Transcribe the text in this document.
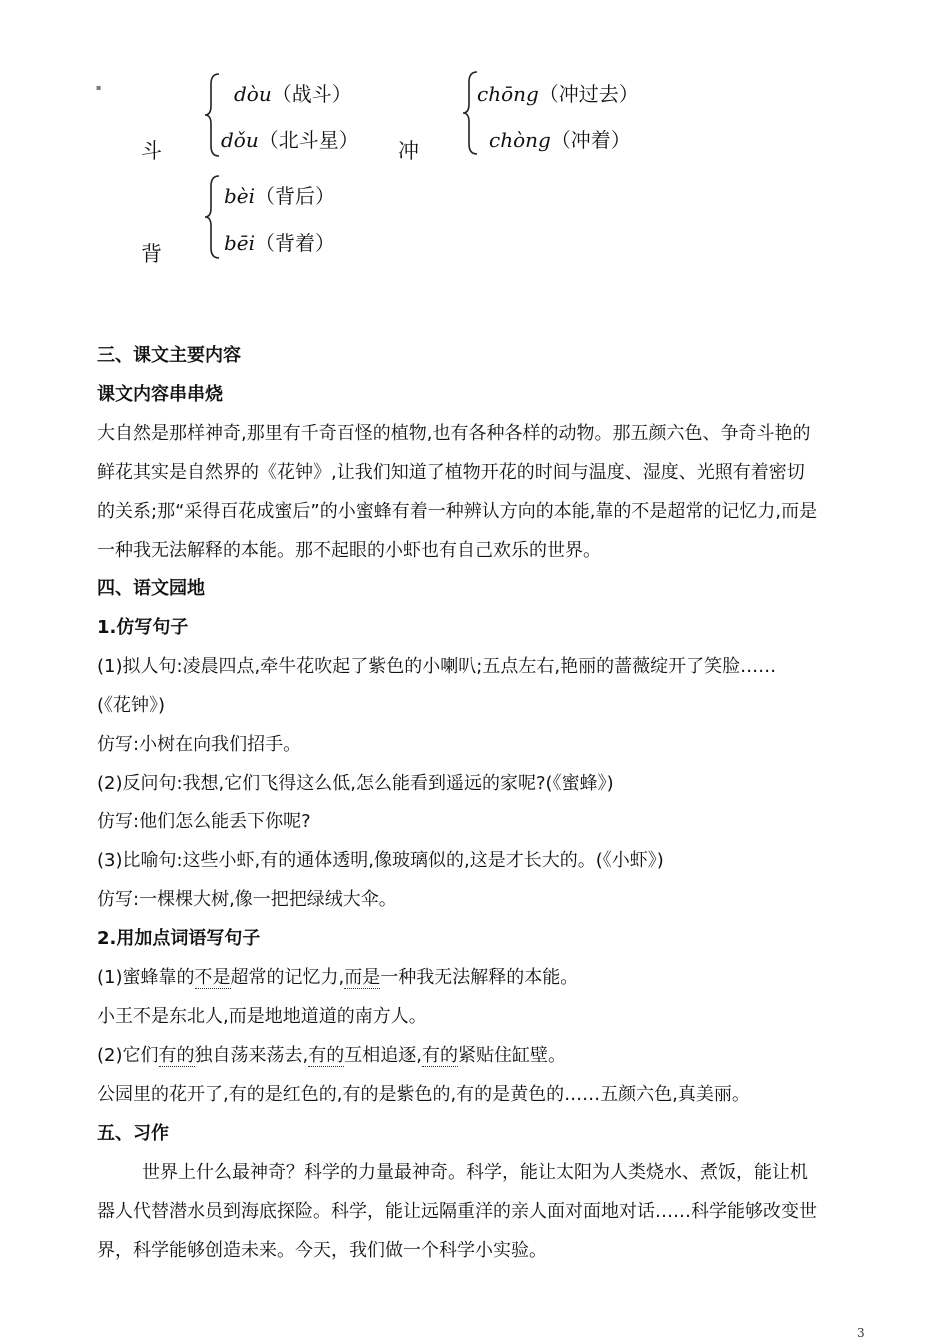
▪
斗
dòu（战斗）
dǒu（北斗星） 冲
chōng（冲过去）
chòng（冲着）
背
bèi（背后）
bēi（背着）
三、课文主要内容
课文内容串串烧
大自然是那样神奇,那里有千奇百怪的植物,也有各种各样的动物。那五颜六色、争奇斗艳的
鲜花其实是自然界的《花钟》,让我们知道了植物开花的时间与温度、湿度、光照有着密切
的关系;那“采得百花成蜜后”的小蜜蜂有着一种辨认方向的本能,靠的不是超常的记忆力,而是
一种我无法解释的本能。那不起眼的小虾也有自己欢乐的世界。
四、语文园地
1.仿写句子
(1)拟人句:凌晨四点,牵牛花吹起了紫色的小喇叭;五点左右,艳丽的蔷薇绽开了笑脸……
(《花钟》)
仿写:小树在向我们招手。
(2)反问句:我想,它们飞得这么低,怎么能看到遥远的家呢?(《蜜蜂》)
仿写:他们怎么能丢下你呢?
(3)比喻句:这些小虾,有的通体透明,像玻璃似的,这是才长大的。(《小虾》)
仿写:一棵棵大树,像一把把绿绒大伞。
2.用加点词语写句子
(1)蜜蜂靠的不是超常的记忆力,而是一种我无法解释的本能。
小王不是东北人,而是地地道道的南方人。
(2)它们有的独自荡来荡去,有的互相追逐,有的紧贴住缸壁。
公园里的花开了,有的是红色的,有的是紫色的,有的是黄色的……五颜六色,真美丽。
五、习作
世界上什么最神奇？科学的力量最神奇。科学，能让太阳为人类烧水、煮饭，能让机
器人代替潜水员到海底探险。科学，能让远隔重洋的亲人面对面地对话……科学能够改变世
界，科学能够创造未来。今天，我们做一个科学小实验。
3
